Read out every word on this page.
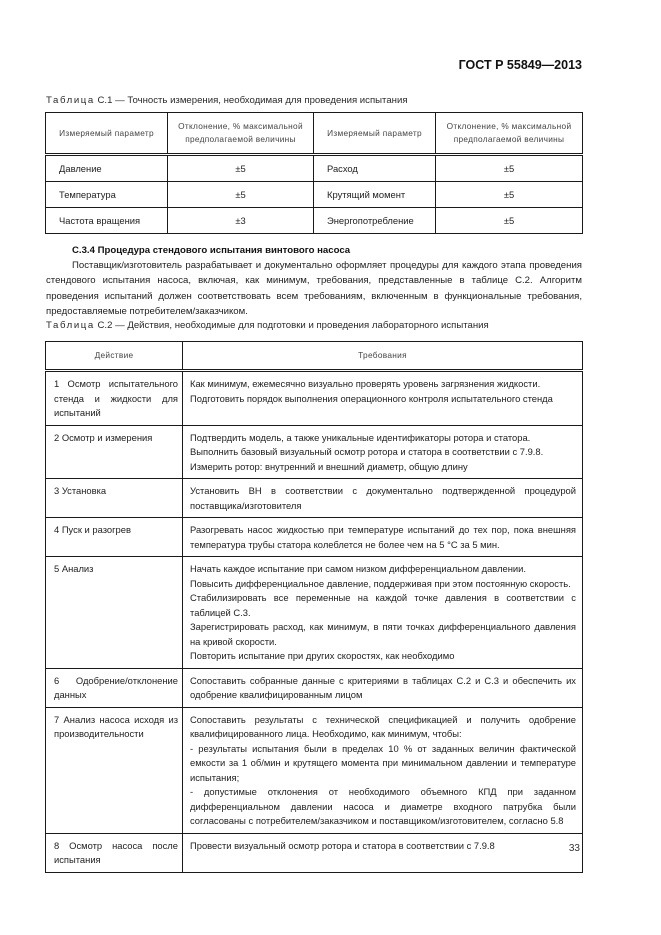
ГОСТ Р 55849—2013
Таблица С.1 — Точность измерения, необходимая для проведения испытания
Измеряемый параметр	Отклонение, % максимальной предполагаемой величины	Измеряемый параметр	Отклонение, % максимальной предполагаемой величины
Давление	±5	Расход	±5
Температура	±5	Крутящий момент	±5
Частота вращения	±3	Энергопотребление	±5
С.3.4 Процедура стендового испытания винтового насоса

Поставщик/изготовитель разрабатывает и документально оформляет процедуры для каждого этапа проведения стендового испытания насоса, включая, как минимум, требования, представленные в таблице С.2. Алгоритм проведения испытаний должен соответствовать всем требованиям, включенным в функциональные требования, предоставляемые потребителем/заказчиком.

Таблица С.2 — Действия, необходимые для подготовки и проведения лабораторного испытания
Действие	Требования
1 Осмотр испытательного стенда и жидкости для испытаний	Как минимум, ежемесячно визуально проверять уровень загрязнения жидкости.
Подготовить порядок выполнения операционного контроля испытательного стенда

2 Осмотр и измерения	Подтвердить модель, а также уникальные идентификаторы ротора и статора.
Выполнить базовый визуальный осмотр ротора и статора в соответствии с 7.9.8.
Измерить ротор: внутренний и внешний диаметр, общую длину

3 Установка	Установить ВН в соответствии с документально подтвержденной процедурой поставщика/изготовителя

4 Пуск и разогрев	Разогревать насос жидкостью при температуре испытаний до тех пор, пока внешняя температура трубы статора колеблется не более чем на 5 °С за 5 мин.

5 Анализ	Начать каждое испытание при самом низком дифференциальном давлении.
Повысить дифференциальное давление, поддерживая при этом постоянную скорость.
Стабилизировать все переменные на каждой точке давления в соответствии с таблицей С.3.
Зарегистрировать расход, как минимум, в пяти точках дифференциального давления на кривой скорости.
Повторить испытание при других скоростях, как необходимо

6 Одобрение/отклонение данных	Сопоставить собранные данные с критериями в таблицах С.2 и С.3 и обеспечить их одобрение квалифицированным лицом

7 Анализ насоса исходя из производительности	Сопоставить результаты с технической спецификацией и получить одобрение квалифицированного лица. Необходимо, как минимум, чтобы:
- результаты испытания были в пределах 10 % от заданных величин фактической емкости за 1 об/мин и крутящего момента при минимальном давлении и температуре испытания;
- допустимые отклонения от необходимого объемного КПД при заданном дифференциальном давлении насоса и диаметре входного патрубка были согласованы с потребителем/заказчиком и поставщиком/изготовителем, согласно 5.8

8 Осмотр насоса после испытания	Провести визуальный осмотр ротора и статора в соответствии с 7.9.8	33
